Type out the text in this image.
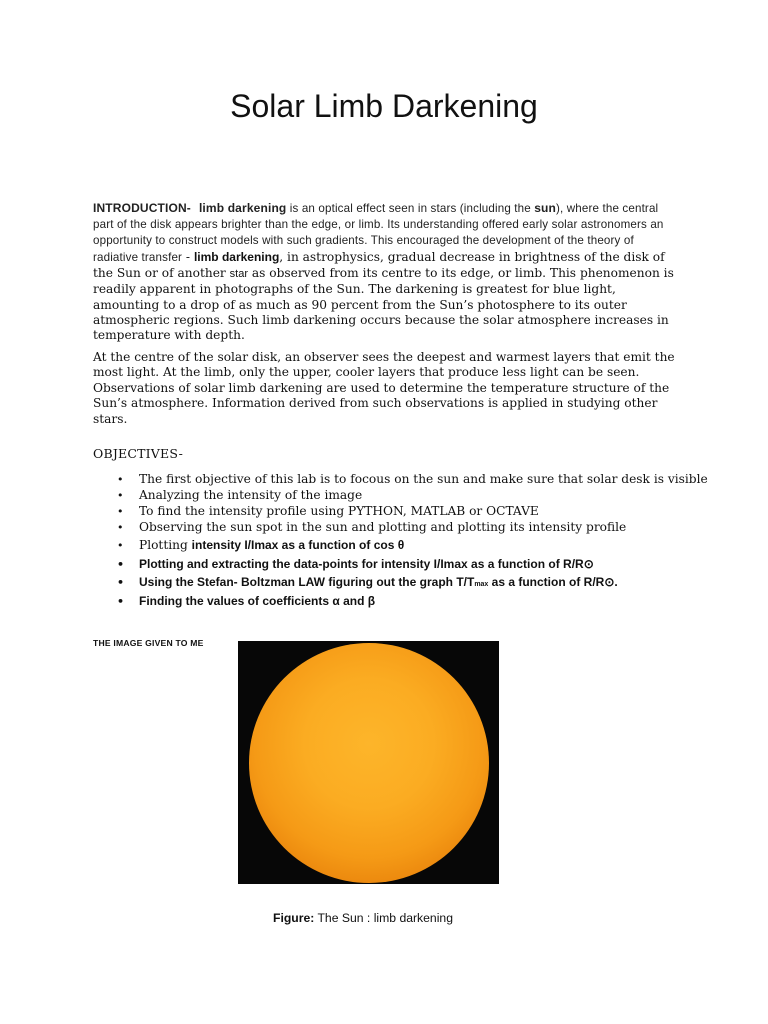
Solar Limb Darkening

INTRODUCTION- limb darkening is an optical effect seen in stars (including the sun), where the central part of the disk appears brighter than the edge, or limb. Its understanding offered early solar astronomers an opportunity to construct models with such gradients. This encouraged the development of the theory of radiative transfer - limb darkening, in astrophysics, gradual decrease in brightness of the disk of the Sun or of another star as observed from its centre to its edge, or limb. This phenomenon is readily apparent in photographs of the Sun. The darkening is greatest for blue light, amounting to a drop of as much as 90 percent from the Sun’s photosphere to its outer atmospheric regions. Such limb darkening occurs because the solar atmosphere increases in temperature with depth.

At the centre of the solar disk, an observer sees the deepest and warmest layers that emit the most light. At the limb, only the upper, cooler layers that produce less light can be seen. Observations of solar limb darkening are used to determine the temperature structure of the Sun’s atmosphere. Information derived from such observations is applied in studying other stars.

OBJECTIVES-

• The first objective of this lab is to focous on the sun and make sure that solar desk is visible
• Analyzing the intensity of the image
• To find the intensity profile using PYTHON, MATLAB or OCTAVE
• Observing the sun spot in the sun and plotting and plotting its intensity profile
• Plotting intensity I/Imax as a function of cos θ
• Plotting and extracting the data-points for intensity I/Imax as a function of R/R⊙
• Using the Stefan- Boltzman LAW figuring out the graph T/Tmax as a function of R/R⊙.
• Finding the values of coefficients α and β
THE IMAGE GIVEN TO ME
Figure: The Sun : limb darkening
